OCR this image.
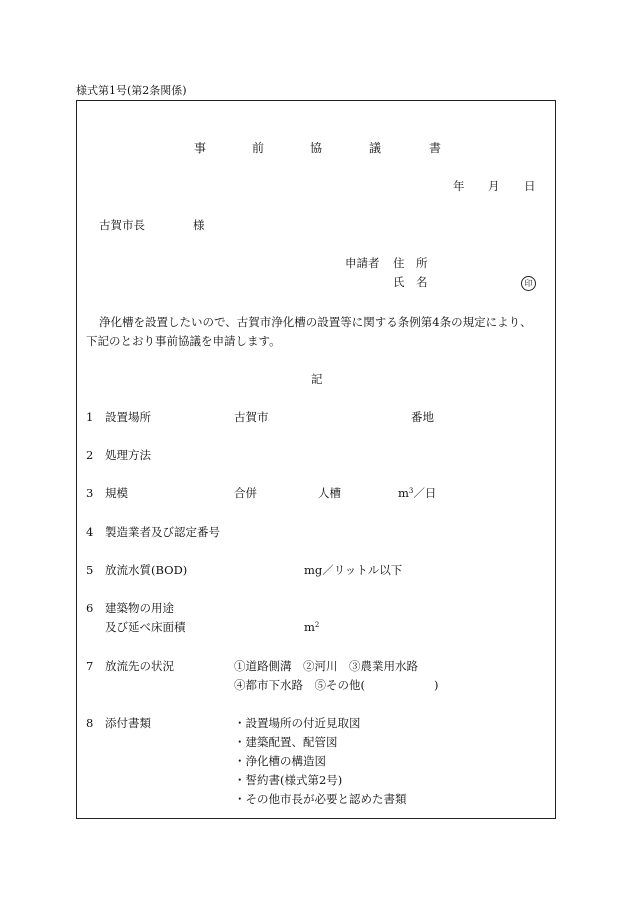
様式第1号(第2条関係)
事	前	協	議	書
年 月 日
古賀市長	様
申請者 住　所
氏　名	印
浄化槽を設置したいので、古賀市浄化槽の設置等に関する条例第4条の規定により、
下記のとおり事前協議を申請します。
記
1 設置場所	古賀市	番地
2 処理方法
3 規模	合併	人槽	$m^3/$日
4 製造業者及び認定番号
5 放流水質(BOD)	mg／リットル以下
6 建築物の用途
及び延べ床面積	$m^2$
7 放流先の状況	①道路側溝　②河川　③農業用水路
④都市下水路　⑤その他(　　　　　　)
8 添付書類	・設置場所の付近見取図
・建築配置、配管図
・浄化槽の構造図
・誓約書(様式第2号)
・その他市長が必要と認めた書類
